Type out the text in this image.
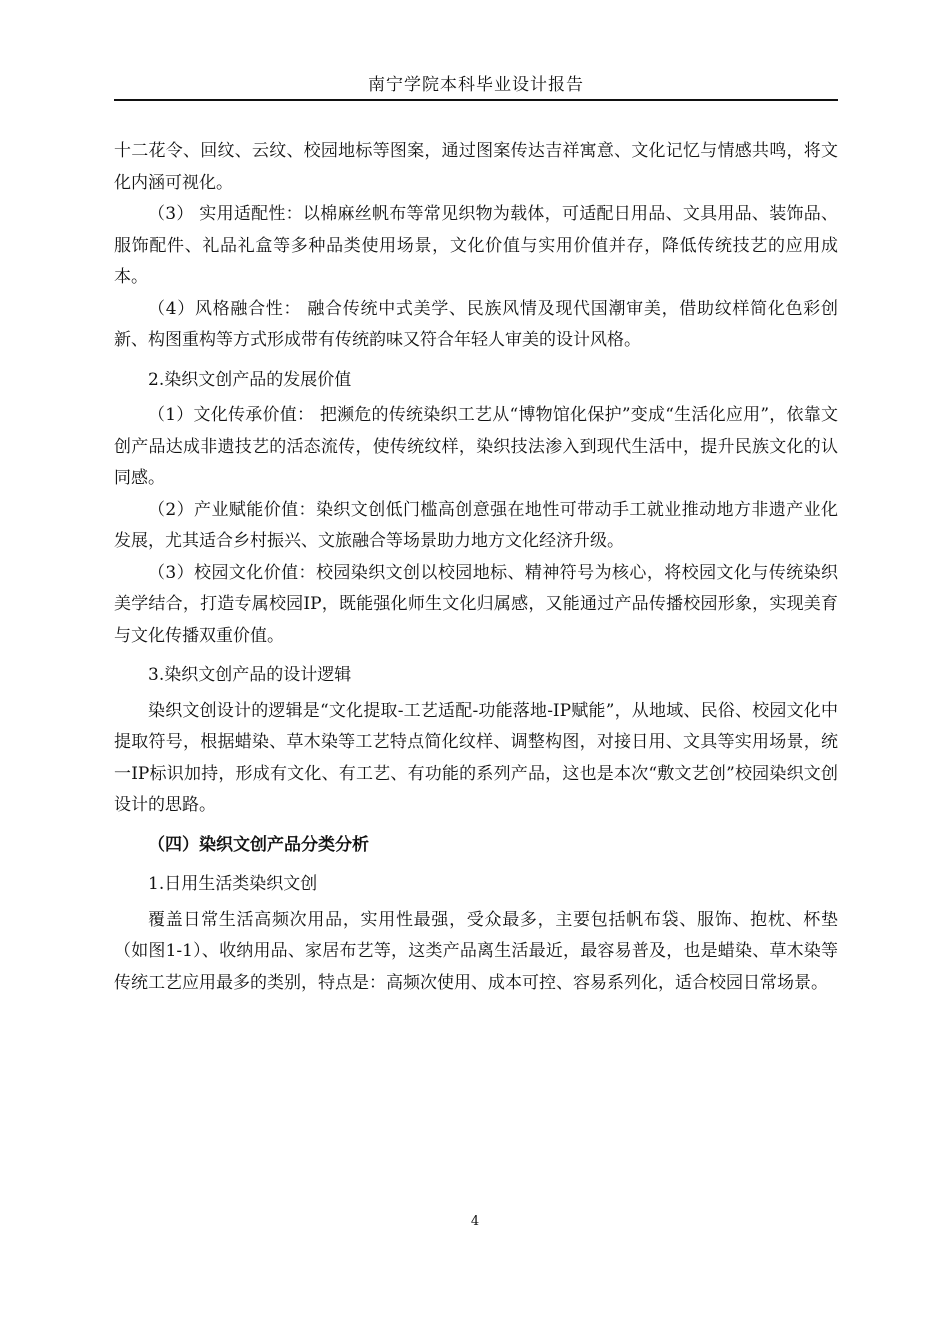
南宁学院本科毕业设计报告

十二花令、回纹、云纹、校园地标等图案，通过图案传达吉祥寓意、文化记忆与情感共鸣，将文化内涵可视化。

（3） 实用适配性：以棉麻丝帆布等常见织物为载体，可适配日用品、文具用品、装饰品、服饰配件、礼品礼盒等多种品类使用场景，文化价值与实用价值并存，降低传统技艺的应用成本。

（4）风格融合性： 融合传统中式美学、民族风情及现代国潮审美，借助纹样简化色彩创新、构图重构等方式形成带有传统韵味又符合年轻人审美的设计风格。

2.染织文创产品的发展价值

（1）文化传承价值： 把濒危的传统染织工艺从“博物馆化保护”变成“生活化应用”，依靠文创产品达成非遗技艺的活态流传，使传统纹样，染织技法渗入到现代生活中，提升民族文化的认同感。

（2）产业赋能价值：染织文创低门槛高创意强在地性可带动手工就业推动地方非遗产业化发展，尤其适合乡村振兴、文旅融合等场景助力地方文化经济升级。

（3）校园文化价值：校园染织文创以校园地标、精神符号为核心，将校园文化与传统染织美学结合，打造专属校园IP，既能强化师生文化归属感，又能通过产品传播校园形象，实现美育与文化传播双重价值。

3.染织文创产品的设计逻辑

染织文创设计的逻辑是“文化提取-工艺适配-功能落地-IP赋能”，从地域、民俗、校园文化中提取符号，根据蜡染、草木染等工艺特点简化纹样、调整构图，对接日用、文具等实用场景，统一IP标识加持，形成有文化、有工艺、有功能的系列产品，这也是本次“敷文艺创”校园染织文创设计的思路。

（四）染织文创产品分类分析

1.日用生活类染织文创

覆盖日常生活高频次用品，实用性最强，受众最多，主要包括帆布袋、服饰、抱枕、杯垫（如图1-1）、收纳用品、家居布艺等，这类产品离生活最近，最容易普及，也是蜡染、草木染等传统工艺应用最多的类别，特点是：高频次使用、成本可控、容易系列化，适合校园日常场景。

4
